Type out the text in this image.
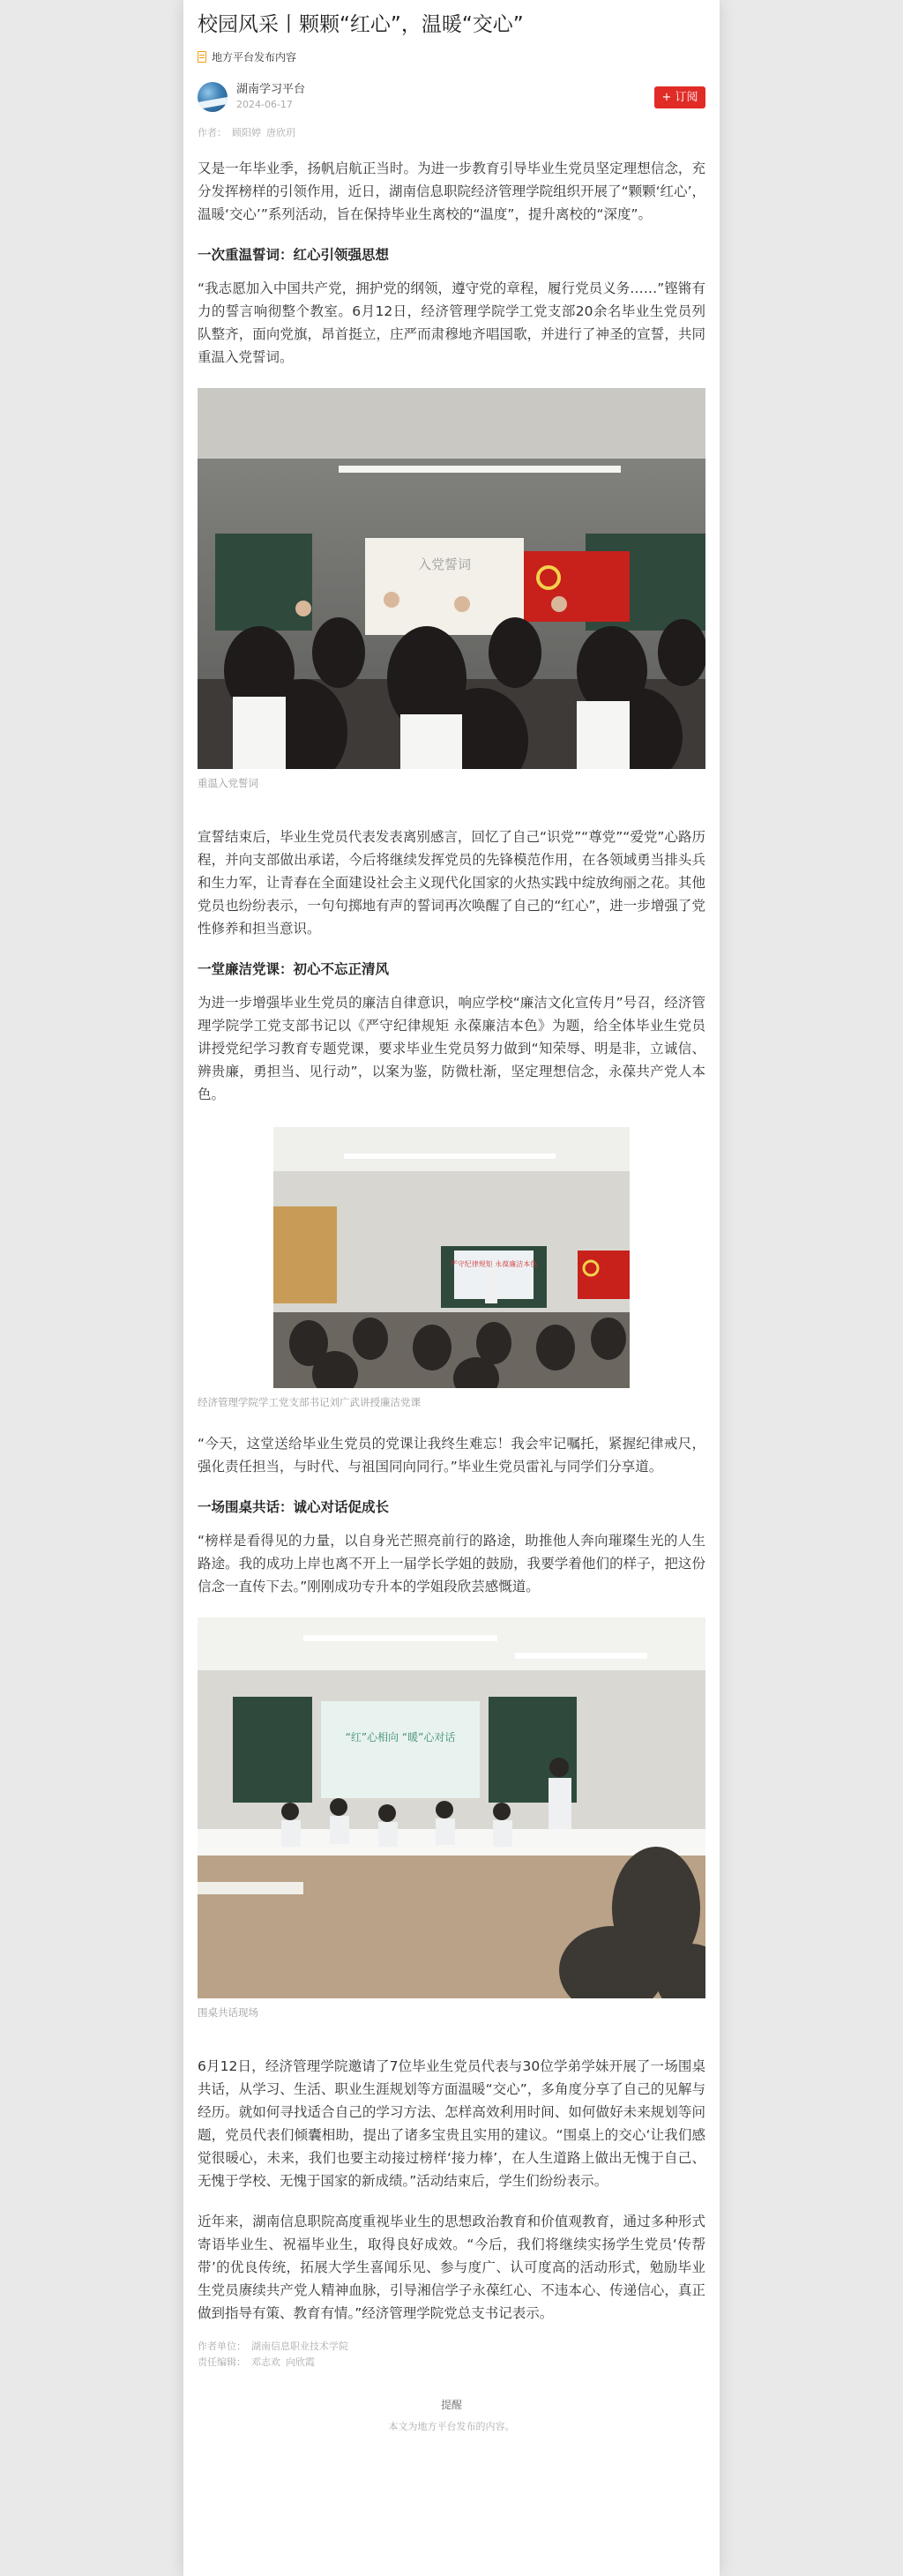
校园风采丨颗颗“红心”，温暖“交心”
地方平台发布内容
湖南学习平台
2024-06-17
+ 订阅
作者： 顾阳婷 唐欣玥

又是一年毕业季，扬帆启航正当时。为进一步教育引导毕业生党员坚定理想信念，充分发挥榜样的引领作用，近日，湖南信息职院经济管理学院组织开展了“颗颗‘红心’，温暖‘交心’”系列活动，旨在保持毕业生离校的“温度”，提升离校的“深度”。

一次重温誓词：红心引领强思想

“我志愿加入中国共产党，拥护党的纲领，遵守党的章程，履行党员义务……”铿锵有力的誓言响彻整个教室。6月12日，经济管理学院学工党支部20余名毕业生党员列队整齐，面向党旗，昂首挺立，庄严而肃穆地齐唱国歌，并进行了神圣的宣誓，共同重温入党誓词。

入党誓词
重温入党誓词

宣誓结束后，毕业生党员代表发表离别感言，回忆了自己“识党”“尊党”“爱党”心路历程，并向支部做出承诺，今后将继续发挥党员的先锋模范作用，在各领域勇当排头兵和生力军，让青春在全面建设社会主义现代化国家的火热实践中绽放绚丽之花。其他党员也纷纷表示，一句句掷地有声的誓词再次唤醒了自己的“红心”，进一步增强了党性修养和担当意识。

一堂廉洁党课：初心不忘正清风

为进一步增强毕业生党员的廉洁自律意识，响应学校“廉洁文化宣传月”号召，经济管理学院学工党支部书记以《严守纪律规矩 永葆廉洁本色》为题，给全体毕业生党员讲授党纪学习教育专题党课，要求毕业生党员努力做到“知荣辱、明是非，立诚信、辨贵廉，勇担当、见行动”，以案为鉴，防微杜渐，坚定理想信念，永葆共产党人本色。

严守纪律规矩 永葆廉洁本色
经济管理学院学工党支部书记刘广武讲授廉洁党课

“今天，这堂送给毕业生党员的党课让我终生难忘！我会牢记嘱托，紧握纪律戒尺，强化责任担当，与时代、与祖国同向同行。”毕业生党员雷礼与同学们分享道。

一场围桌共话：诚心对话促成长

“榜样是看得见的力量，以自身光芒照亮前行的路途，助推他人奔向璀璨生光的人生路途。我的成功上岸也离不开上一届学长学姐的鼓励，我要学着他们的样子，把这份信念一直传下去。”刚刚成功专升本的学姐段欣芸感慨道。

“红”心相向 “暖”心对话
围桌共话现场

6月12日，经济管理学院邀请了7位毕业生党员代表与30位学弟学妹开展了一场围桌共话，从学习、生活、职业生涯规划等方面温暖“交心”，多角度分享了自己的见解与经历。就如何寻找适合自己的学习方法、怎样高效利用时间、如何做好未来规划等问题，党员代表们倾囊相助，提出了诸多宝贵且实用的建议。“围桌上的交心‘让我们感觉很暖心，未来，我们也要主动接过榜样‘接力棒’，在人生道路上做出无愧于自己、无愧于学校、无愧于国家的新成绩。”活动结束后，学生们纷纷表示。

近年来，湖南信息职院高度重视毕业生的思想政治教育和价值观教育，通过多种形式寄语毕业生、祝福毕业生，取得良好成效。“今后，我们将继续实扬学生党员‘传帮带’的优良传统，拓展大学生喜闻乐见、参与度广、认可度高的活动形式，勉励毕业生党员赓续共产党人精神血脉，引导湘信学子永葆红心、不违本心、传递信心，真正做到指导有策、教育有情。”经济管理学院党总支书记表示。

作者单位： 湖南信息职业技术学院
责任编辑： 邓志欢 向欣霞
提醒
本文为地方平台发布的内容。
